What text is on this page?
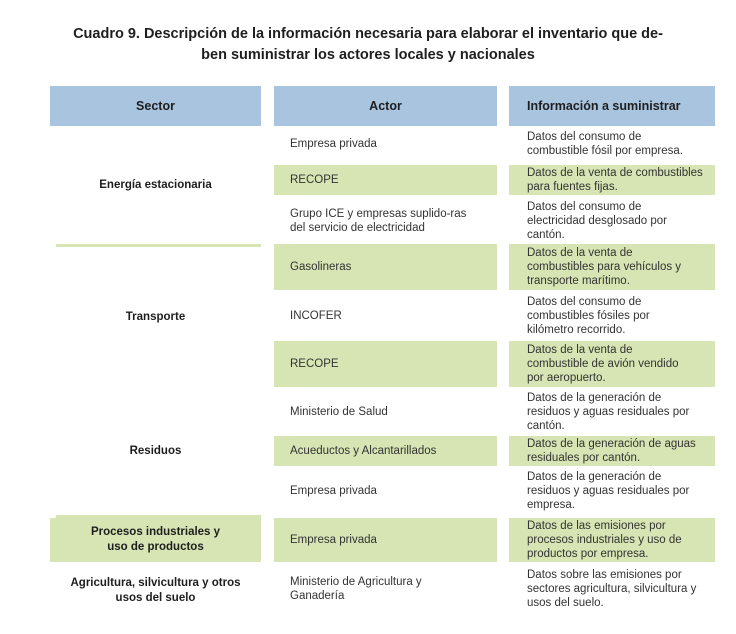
Cuadro 9. Descripción de la información necesaria para elaborar el inventario que de-
ben suministrar los actores locales y nacionales
Sector	Actor	Información a suministrar
Energía estacionaria
Transporte
Residuos
Procesos industriales y uso de productos
Agricultura, silvicultura y otros usos del suelo
Empresa privada
Datos del consumo de combustible fósil por empresa.
RECOPE
Datos de la venta de combustibles para fuentes fijas.
Grupo ICE y empresas suplido-ras del servicio de electricidad
Datos del consumo de electricidad desglosado por cantón.
Gasolineras
Datos de la venta de combustibles para vehículos y transporte marítimo.
INCOFER
Datos del consumo de combustibles fósiles por kilómetro recorrido.
RECOPE
Datos de la venta de combustible de avión vendido por aeropuerto.
Ministerio de Salud
Datos de la generación de residuos y aguas residuales por cantón.
Acueductos y Alcantarillados
Datos de la generación de aguas residuales por cantón.
Empresa privada
Datos de la generación de residuos y aguas residuales por empresa.
Empresa privada
Datos de las emisiones por procesos industriales y uso de productos por empresa.
Ministerio de Agricultura y Ganadería
Datos sobre las emisiones por sectores agricultura, silvicultura y usos del suelo.
